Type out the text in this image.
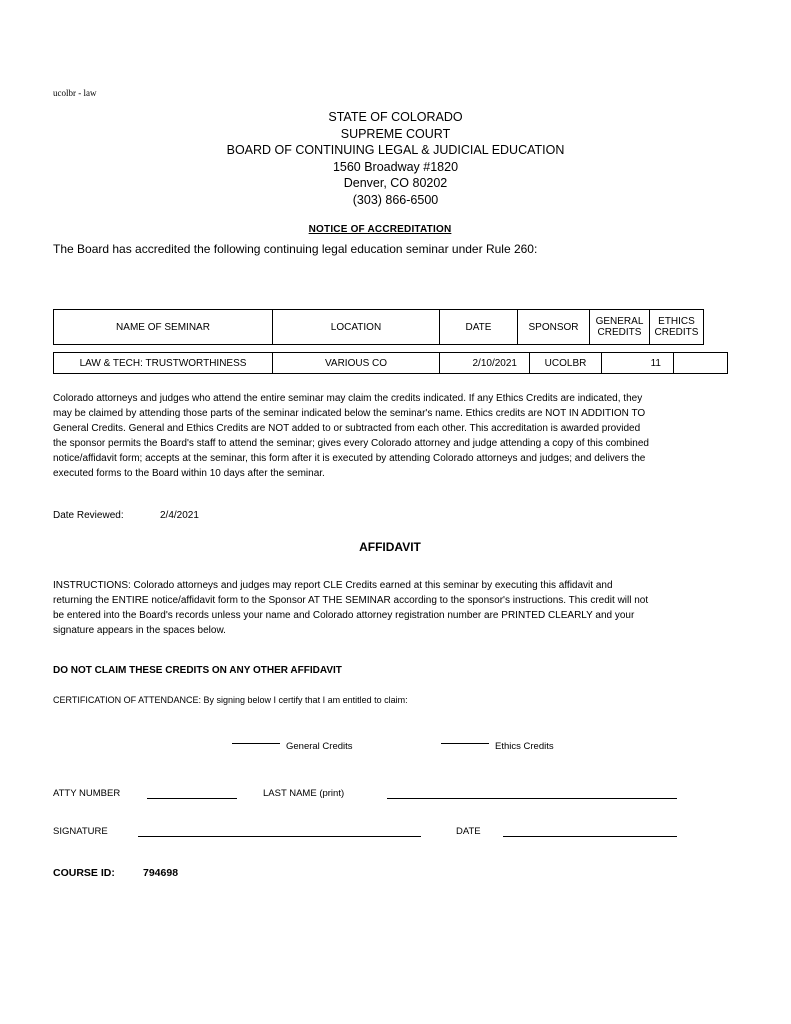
ucolbr - law
STATE OF COLORADO
SUPREME COURT
BOARD OF CONTINUING LEGAL & JUDICIAL EDUCATION
1560 Broadway #1820
Denver, CO 80202
(303) 866-6500
NOTICE OF ACCREDITATION
The Board has accredited the following continuing legal education seminar under Rule 260:
NAME OF SEMINAR	LOCATION	DATE	SPONSOR	GENERAL CREDITS	ETHICS CREDITS
LAW & TECH: TRUSTWORTHINESS	VARIOUS CO	2/10/2021	UCOLBR	11	
Colorado attorneys and judges who attend the entire seminar may claim the credits indicated. If any Ethics Credits are indicated, they may be claimed by attending those parts of the seminar indicated below the seminar's name. Ethics credits are NOT IN ADDITION TO General Credits. General and Ethics Credits are NOT added to or subtracted from each other. This accreditation is awarded provided the sponsor permits the Board's staff to attend the seminar; gives every Colorado attorney and judge attending a copy of this combined notice/affidavit form; accepts at the seminar, this form after it is executed by attending Colorado attorneys and judges; and delivers the executed forms to the Board within 10 days after the seminar.
Date Reviewed:	2/4/2021
AFFIDAVIT
INSTRUCTIONS: Colorado attorneys and judges may report CLE Credits earned at this seminar by executing this affidavit and returning the ENTIRE notice/affidavit form to the Sponsor AT THE SEMINAR according to the sponsor's instructions. This credit will not be entered into the Board's records unless your name and Colorado attorney registration number are PRINTED CLEARLY and your signature appears in the spaces below.
DO NOT CLAIM THESE CREDITS ON ANY OTHER AFFIDAVIT
CERTIFICATION OF ATTENDANCE: By signing below I certify that I am entitled to claim:
General Credits	Ethics Credits
ATTY NUMBER	LAST NAME (print)
SIGNATURE	DATE
COURSE ID:	794698
